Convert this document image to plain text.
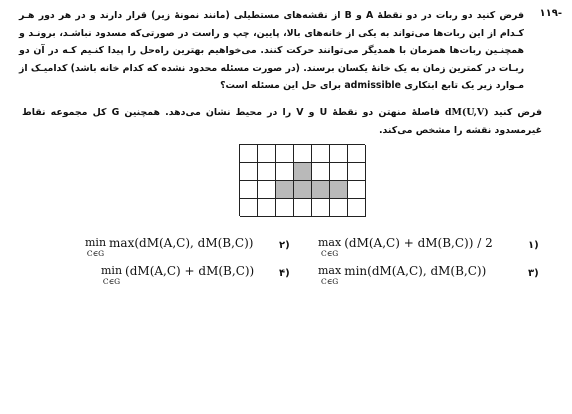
۱۱۹-
فرض کنید دو ربات در دو نقطهٔ A و B از نقشه‌های مستطیلی (مانند نمونهٔ زیر) قرار دارند و در هر دور هـر کـدام از این ربات‌ها می‌تواند به یکی از خانه‌های بالا، پایین، چپ و راست در صورتی‌که مسدود نباشـد، برونـد و همچنـین ربات‌ها همزمان با همدیگر می‌توانند حرکت کنند. می‌خواهیم بهترین راه‌حل را پیدا کنـیم کـه در آن دو ربـات در کمترین زمان به یک خانهٔ یکسان برسند. (در صورت مسئله محدود نشده که کدام خانه باشد) کدامیـک از مـوارد زیر یک تابع ابتکاری admissible برای حل این مسئله است؟
فرض کنید dM(U,V) فاصلهٔ منهتن دو نقطهٔ U و V را در محیط نشان می‌دهد. همچنین G کل مجموعه نقاط غیرمسدود نقشه را مشخص می‌کند.
max
C∈G
(dM(A,C) + dM(B,C)) / 2	۱)
min
C∈G
max(dM(A,C), dM(B,C))	۲)
max
C∈G
min(dM(A,C), dM(B,C))	۳)
min
C∈G
(dM(A,C) + dM(B,C)) ۴)
